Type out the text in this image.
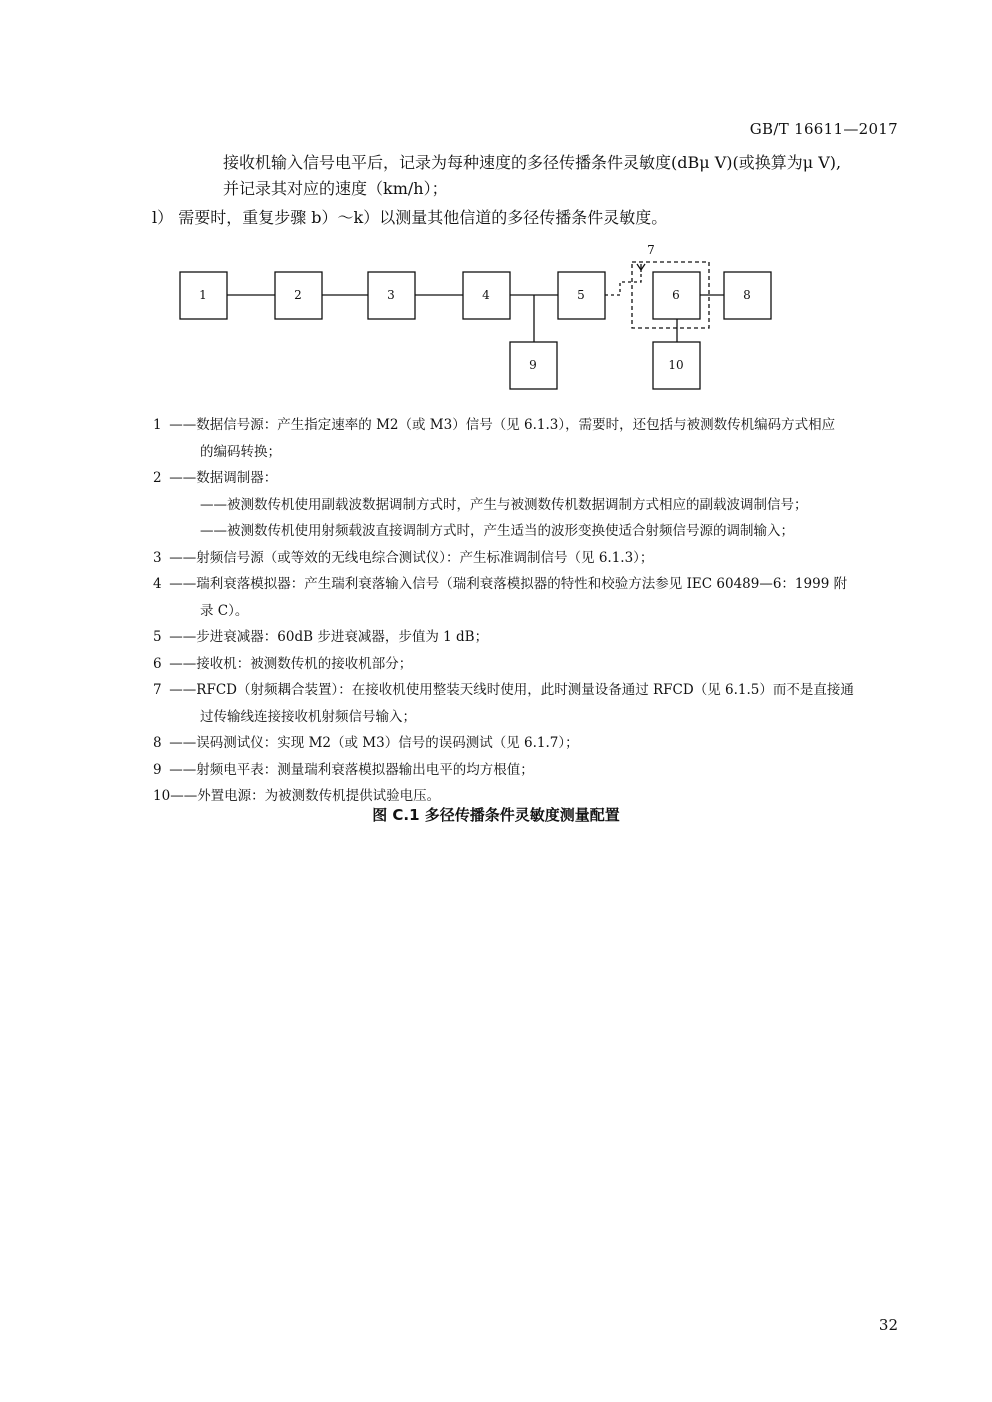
GB/T 16611—2017
接收机输入信号电平后，记录为每种速度的多径传播条件灵敏度(dBμ V)(或换算为μ V),
并记录其对应的速度（km/h）；
l） 需要时，重复步骤 b）～k）以测量其他信道的多径传播条件灵敏度。
1	2	3	4	5	6	8
9	10
7
1 —— 数据信号源：产生指定速率的 M2（或 M3）信号（见 6.1.3），需要时，还包括与被测数传机编码方式相应
的编码转换；
2 —— 数据调制器：
——被测数传机使用副载波数据调制方式时，产生与被测数传机数据调制方式相应的副载波调制信号；
——被测数传机使用射频载波直接调制方式时，产生适当的波形变换使适合射频信号源的调制输入；
3 —— 射频信号源（或等效的无线电综合测试仪）：产生标准调制信号（见 6.1.3）；
4 —— 瑞利衰落模拟器：产生瑞利衰落输入信号（瑞利衰落模拟器的特性和校验方法参见 IEC 60489—6：1999 附
录 C）。
5 —— 步进衰减器：60dB 步进衰减器，步值为 1 dB；
6 —— 接收机：被测数传机的接收机部分；
7 —— RFCD（射频耦合装置）：在接收机使用整装天线时使用，此时测量设备通过 RFCD（见 6.1.5）而不是直接通
过传输线连接接收机射频信号输入；
8 —— 误码测试仪：实现 M2（或 M3）信号的误码测试（见 6.1.7）；
9 —— 射频电平表：测量瑞利衰落模拟器输出电平的均方根值；
10 —— 外置电源：为被测数传机提供试验电压。
图 C.1 多径传播条件灵敏度测量配置
32
